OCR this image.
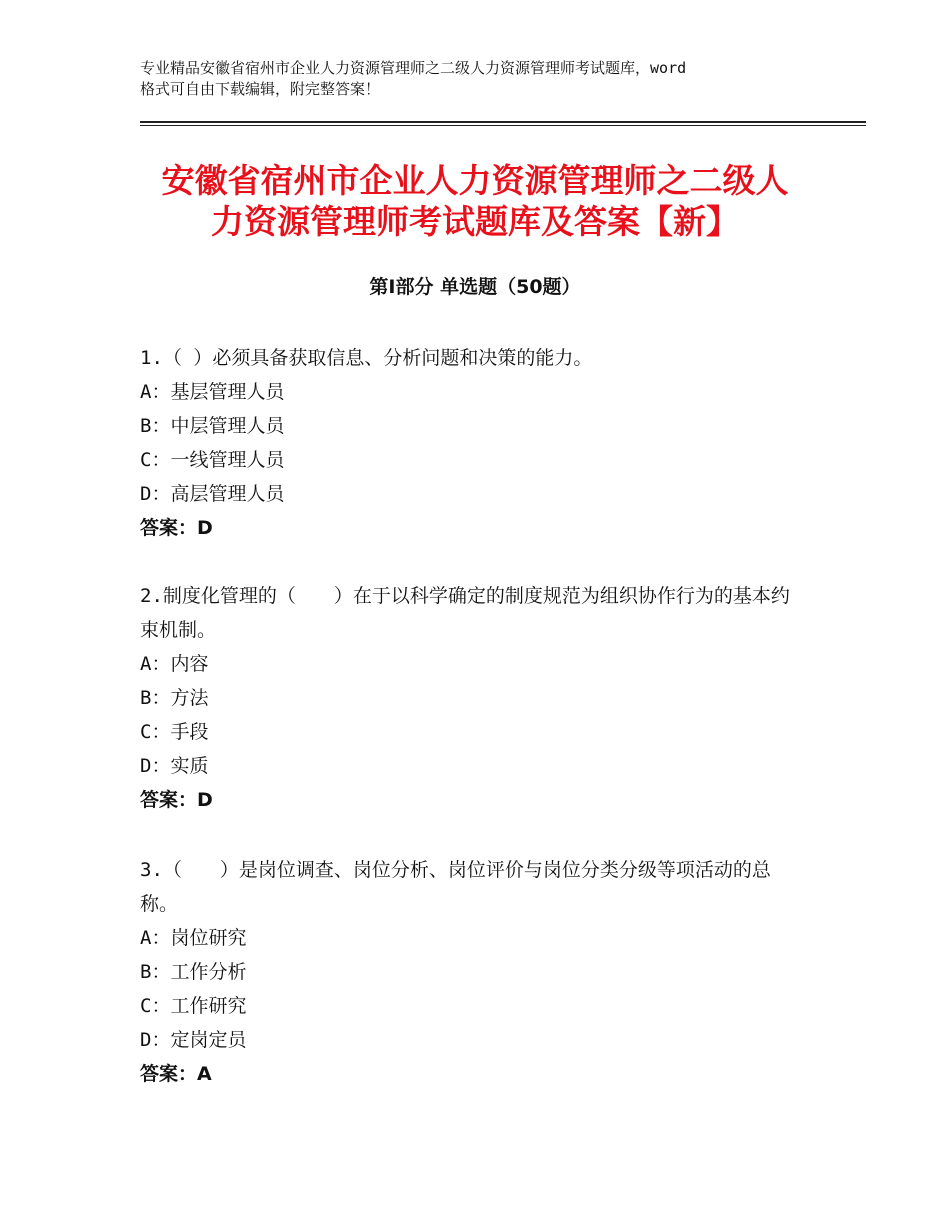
专业精品安徽省宿州市企业人力资源管理师之二级人力资源管理师考试题库，word
格式可自由下载编辑，附完整答案！
安徽省宿州市企业人力资源管理师之二级人
力资源管理师考试题库及答案【新】
第Ⅰ部分 单选题（50题）

1.（ ）必须具备获取信息、分析问题和决策的能力。

A：基层管理人员

B：中层管理人员

C：一线管理人员

D：高层管理人员

答案：D

2.制度化管理的（　　）在于以科学确定的制度规范为组织协作行为的基本约束机制。

A：内容

B：方法

C：手段

D：实质

答案：D

3.（　　）是岗位调查、岗位分析、岗位评价与岗位分类分级等项活动的总称。

A：岗位研究

B：工作分析

C：工作研究

D：定岗定员

答案：A
